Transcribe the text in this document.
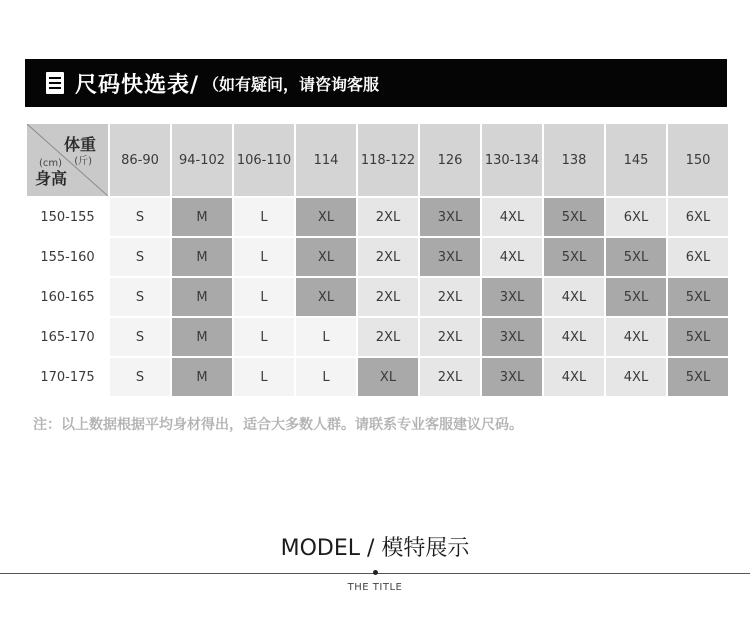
尺码快选表/ （如有疑问，请咨询客服
体重
(斤)
(cm)
身高	86-90	94-102	106-110	114	118-122	126	130-134	138	145	150
150-155	S	M	L	XL	2XL	3XL	4XL	5XL	6XL	6XL
155-160	S	M	L	XL	2XL	3XL	4XL	5XL	5XL	6XL
160-165	S	M	L	XL	2XL	2XL	3XL	4XL	5XL	5XL
165-170	S	M	L	L	2XL	2XL	3XL	4XL	4XL	5XL
170-175	S	M	L	L	XL	2XL	3XL	4XL	4XL	5XL
注：以上数据根据平均身材得出，适合大多数人群。请联系专业客服建议尺码。
MODEL / 模特展示
THE TITLE
